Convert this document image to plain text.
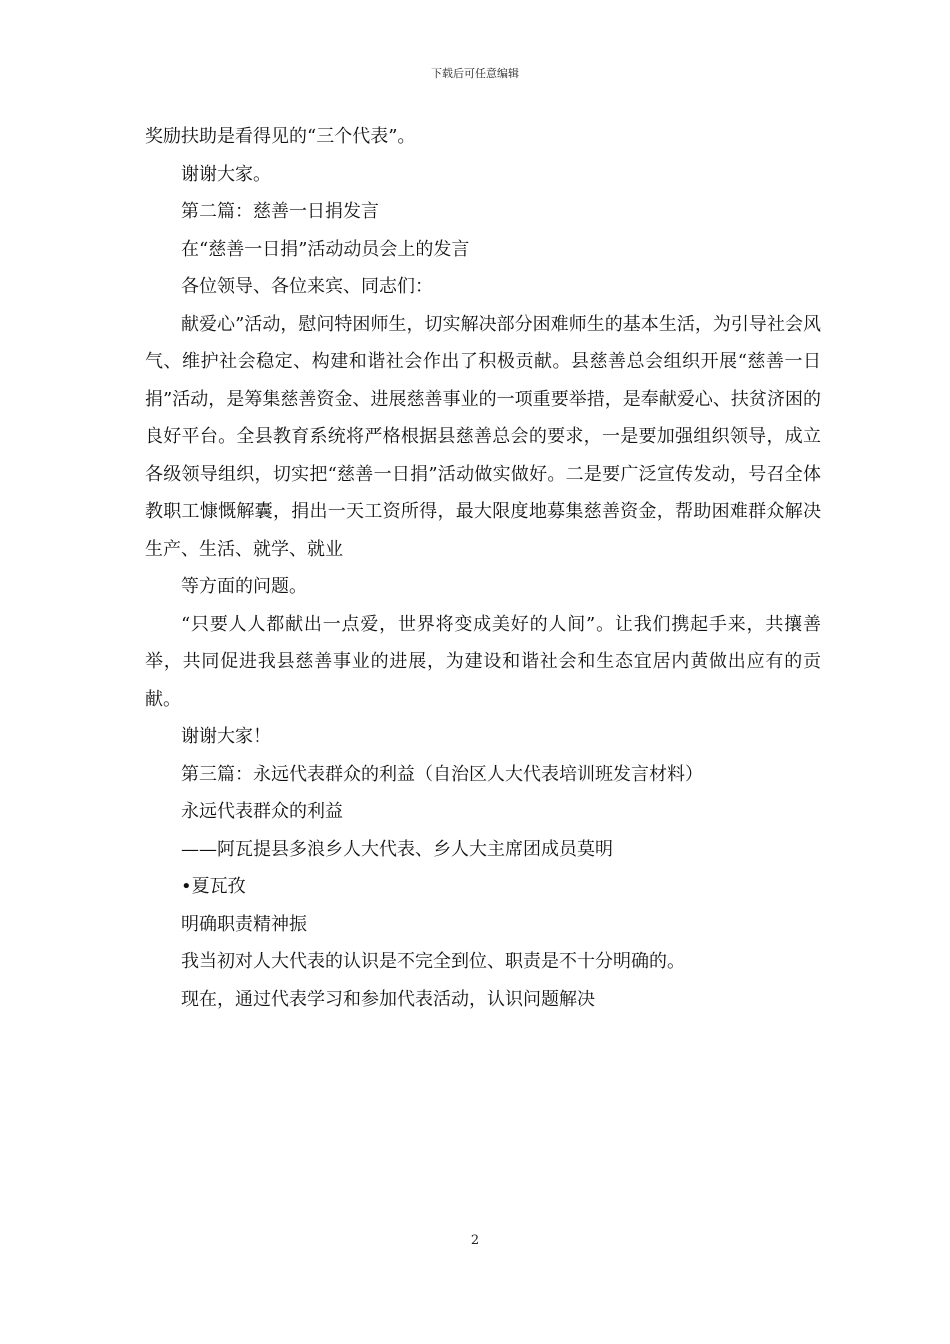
下载后可任意编辑

奖励扶助是看得见的“三个代表”。

谢谢大家。

第二篇：慈善一日捐发言

在“慈善一日捐”活动动员会上的发言

各位领导、各位来宾、同志们：

献爱心”活动，慰问特困师生，切实解决部分困难师生的基本生活，为引导社会风气、维护社会稳定、构建和谐社会作出了积极贡献。县慈善总会组织开展“慈善一日捐”活动，是筹集慈善资金、进展慈善事业的一项重要举措，是奉献爱心、扶贫济困的良好平台。全县教育系统将严格根据县慈善总会的要求，一是要加强组织领导，成立各级领导组织，切实把“慈善一日捐”活动做实做好。二是要广泛宣传发动，号召全体教职工慷慨解囊，捐出一天工资所得，最大限度地募集慈善资金，帮助困难群众解决生产、生活、就学、就业

等方面的问题。

“只要人人都献出一点爱，世界将变成美好的人间”。让我们携起手来，共攘善举，共同促进我县慈善事业的进展，为建设和谐社会和生态宜居内黄做出应有的贡献。

谢谢大家！

第三篇：永远代表群众的利益（自治区人大代表培训班发言材料）

永远代表群众的利益

——阿瓦提县多浪乡人大代表、乡人大主席团成员莫明

•夏瓦孜

明确职责精神振

我当初对人大代表的认识是不完全到位、职责是不十分明确的。

现在，通过代表学习和参加代表活动，认识问题解决

2
